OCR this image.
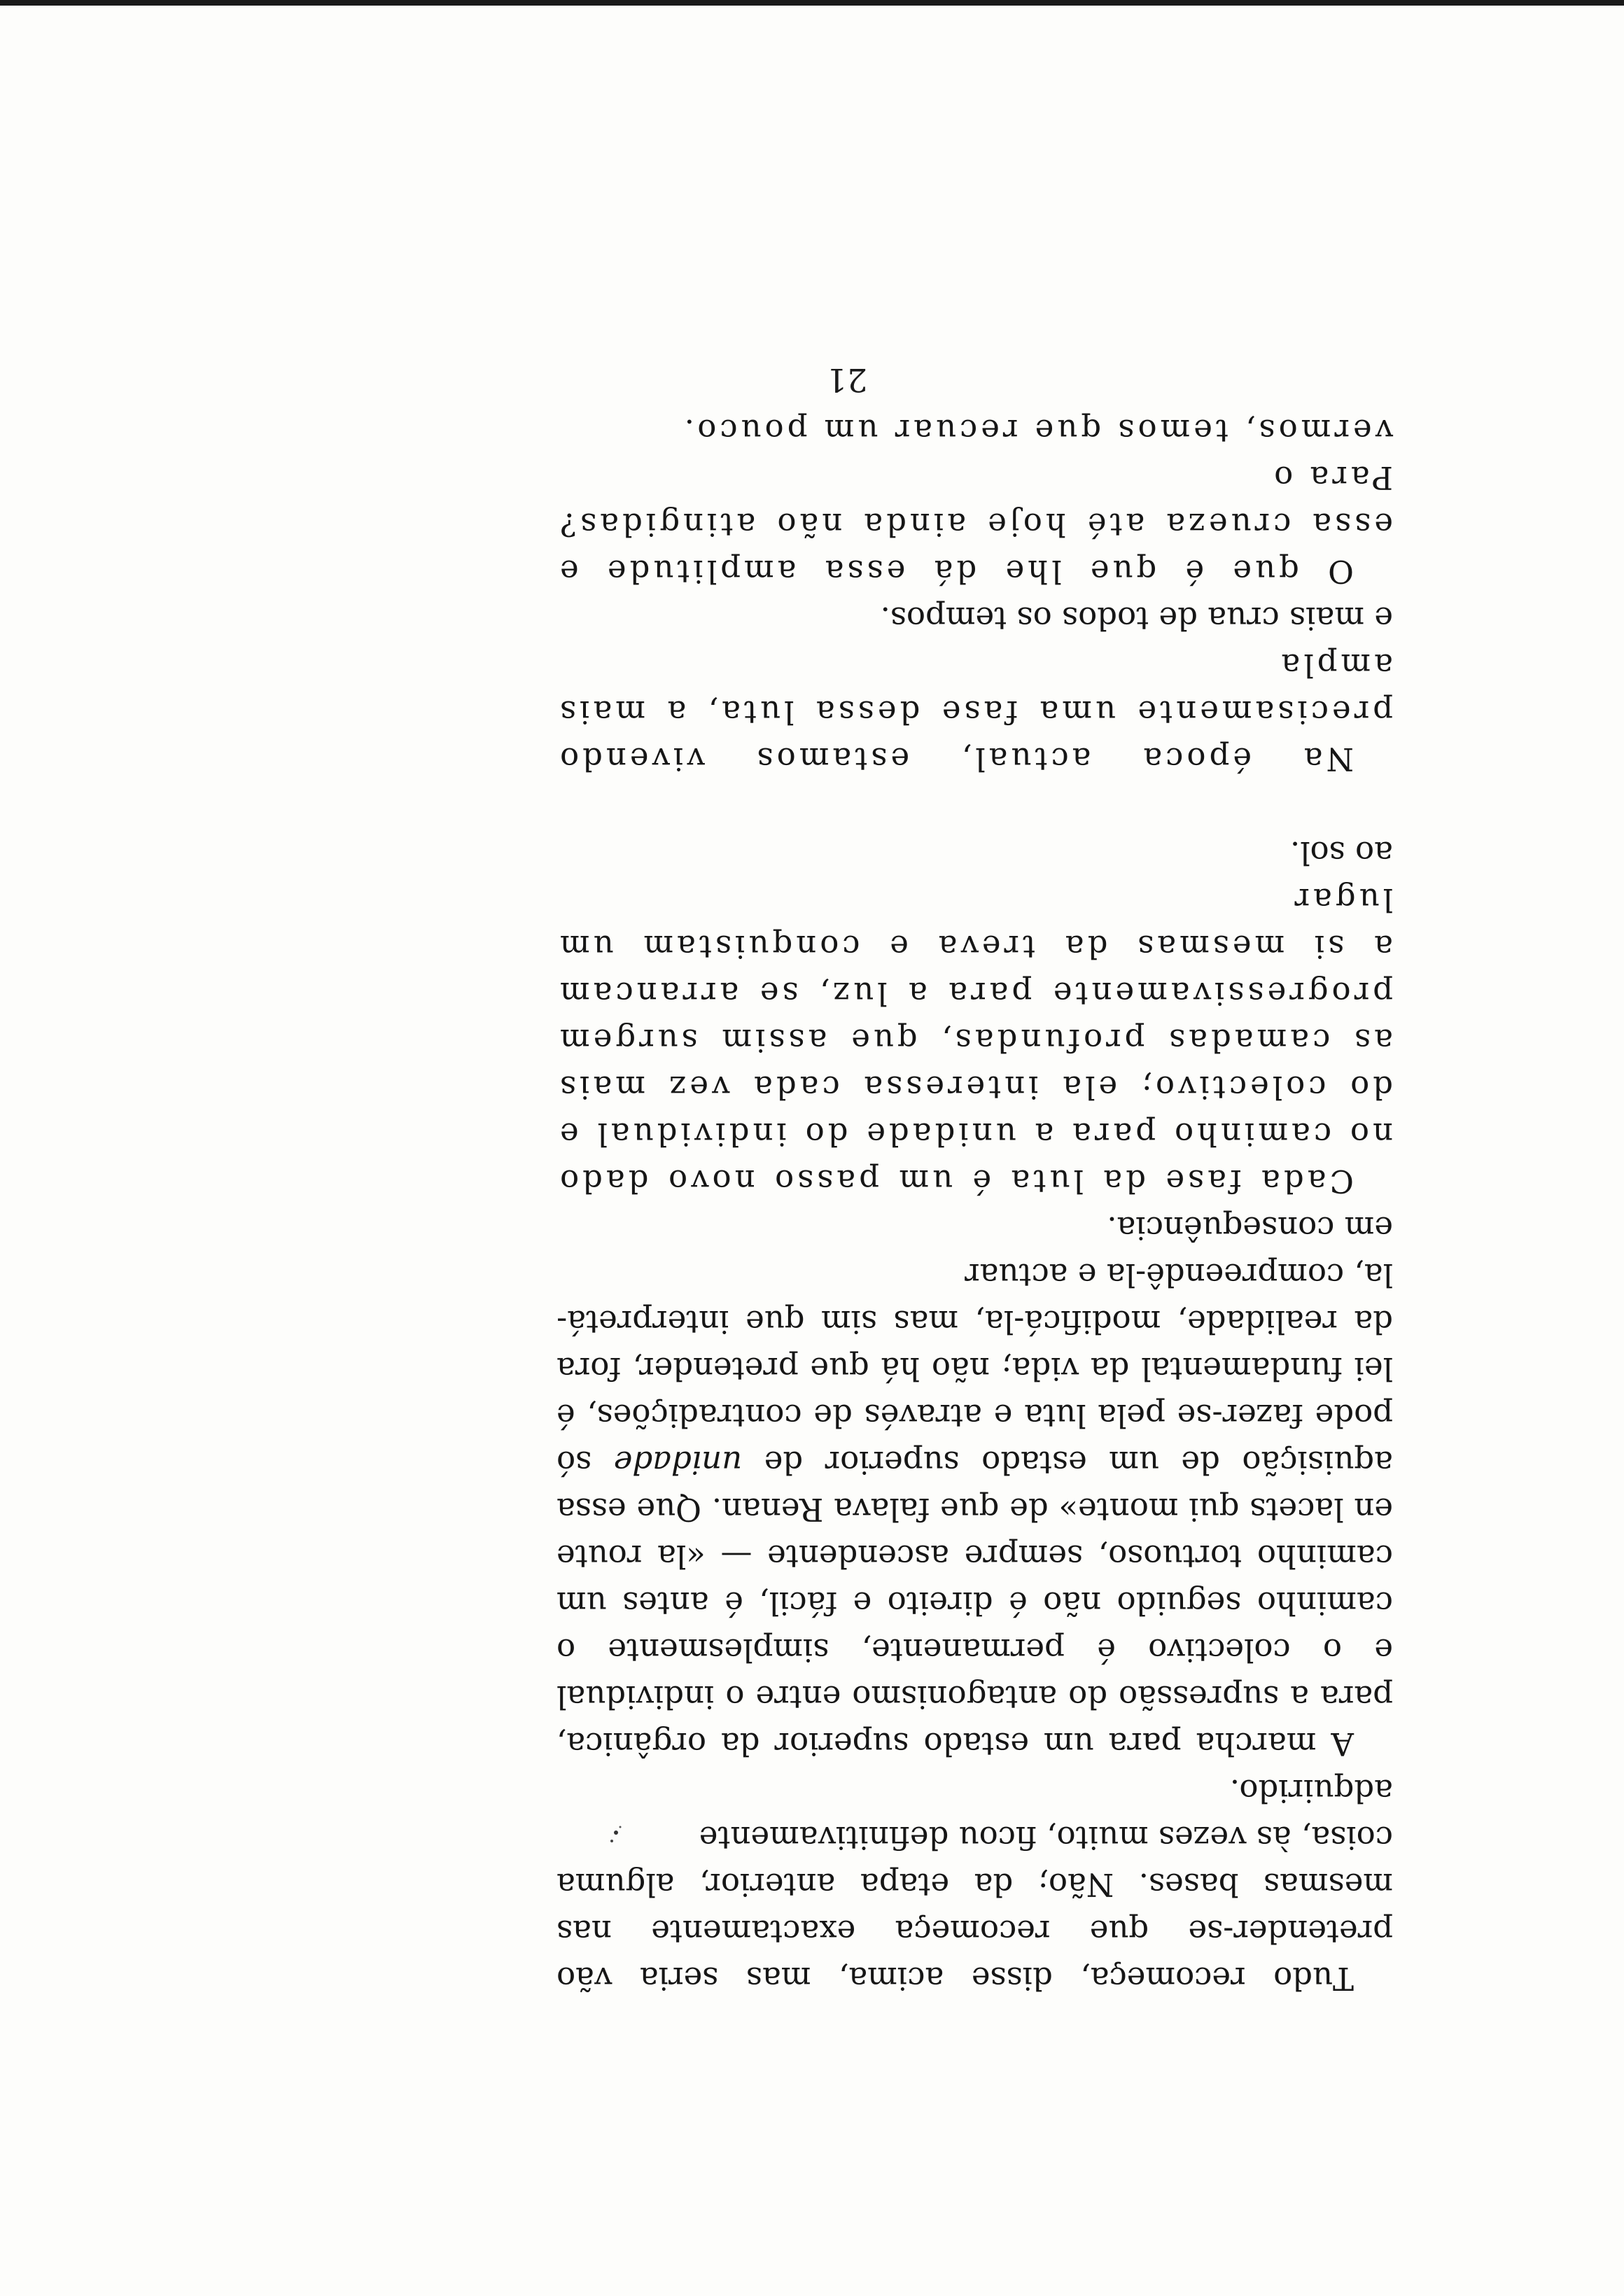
Tudo recomeça, disse acima, mas seria vão pretender-se que recomeça exactamente nas mesmas bases. Não; da etapa anterior, alguma coisa, às vezes muito, ficou definitivamente

adquirido.

A marcha para um estado superior da orgânica, para a supressão do antagonismo entre o individual e o colectivo é permanente, simplesmente o caminho seguido não é direito e fácil, é antes um caminho tortuoso, sempre ascendente — «la route en lacets qui monte» de que falava Renan. Que essa aquisição de um estado superior de unidade só pode fazer-se pela luta e através de contradições, é lei fundamental da vida; não há que pretender, fora da realidade, modificá-la, mas sim que interpretá-la, compreendê-la e actuar

em consequência.

Cada fase da luta é um passo novo dado no caminho para a unidade do individual e do colectivo; ela interessa cada vez mais as camadas profundas, que assim surgem progressivamente para a luz, se arrancam a si mesmas da treva e conquistam um lugar

ao sol.

Na época actual, estamos vivendo precisamente uma fase dessa luta, a mais ampla

e mais crua de todos os tempos.

O que é que lhe dá essa amplitude e essa crueza até hoje ainda não atingidas? Para o

vermos, temos que recuar um pouco.

21
